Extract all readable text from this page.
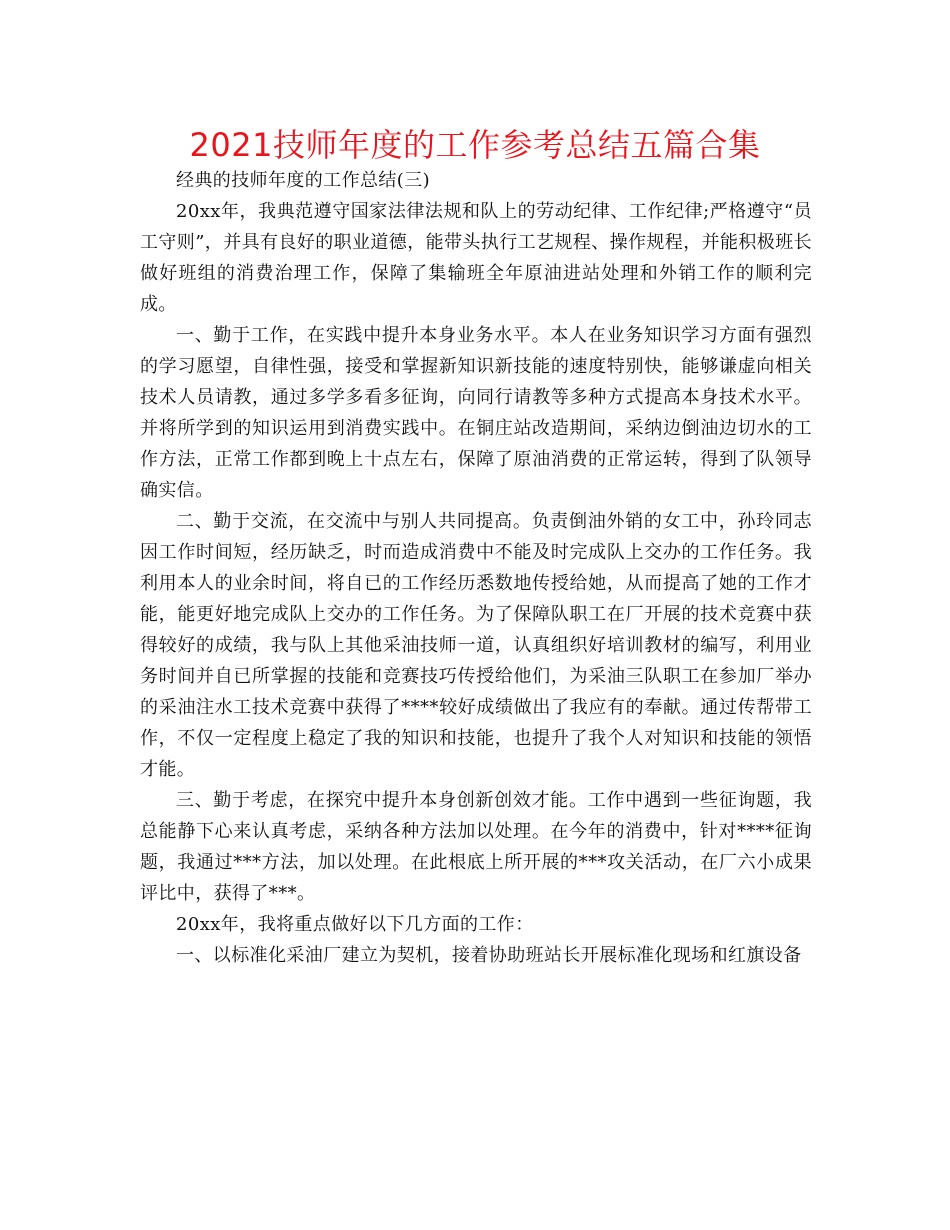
2021技师年度的工作参考总结五篇合集

经典的技师年度的工作总结(三)

20xx年，我典范遵守国家法律法规和队上的劳动纪律、工作纪律;严格遵守“员工守则”，并具有良好的职业道德，能带头执行工艺规程、操作规程，并能积极班长做好班组的消费治理工作，保障了集输班全年原油进站处理和外销工作的顺利完成。

一、勤于工作，在实践中提升本身业务水平。本人在业务知识学习方面有强烈的学习愿望，自律性强，接受和掌握新知识新技能的速度特别快，能够谦虚向相关技术人员请教，通过多学多看多征询，向同行请教等多种方式提高本身技术水平。并将所学到的知识运用到消费实践中。在铜庄站改造期间，采纳边倒油边切水的工作方法，正常工作都到晚上十点左右，保障了原油消费的正常运转，得到了队领导确实信。

二、勤于交流，在交流中与别人共同提高。负责倒油外销的女工中，孙玲同志因工作时间短，经历缺乏，时而造成消费中不能及时完成队上交办的工作任务。我利用本人的业余时间，将自已的工作经历悉数地传授给她，从而提高了她的工作才能，能更好地完成队上交办的工作任务。为了保障队职工在厂开展的技术竞赛中获得较好的成绩，我与队上其他采油技师一道，认真组织好培训教材的编写，利用业务时间并自已所掌握的技能和竞赛技巧传授给他们，为采油三队职工在参加厂举办的采油注水工技术竞赛中获得了****较好成绩做出了我应有的奉献。通过传帮带工作，不仅一定程度上稳定了我的知识和技能，也提升了我个人对知识和技能的领悟才能。

三、勤于考虑，在探究中提升本身创新创效才能。工作中遇到一些征询题，我总能静下心来认真考虑，采纳各种方法加以处理。在今年的消费中，针对****征询题，我通过***方法，加以处理。在此根底上所开展的***攻关活动，在厂六小成果评比中，获得了***。

20xx年，我将重点做好以下几方面的工作：

一、以标准化采油厂建立为契机，接着协助班站长开展标准化现场和红旗设备
